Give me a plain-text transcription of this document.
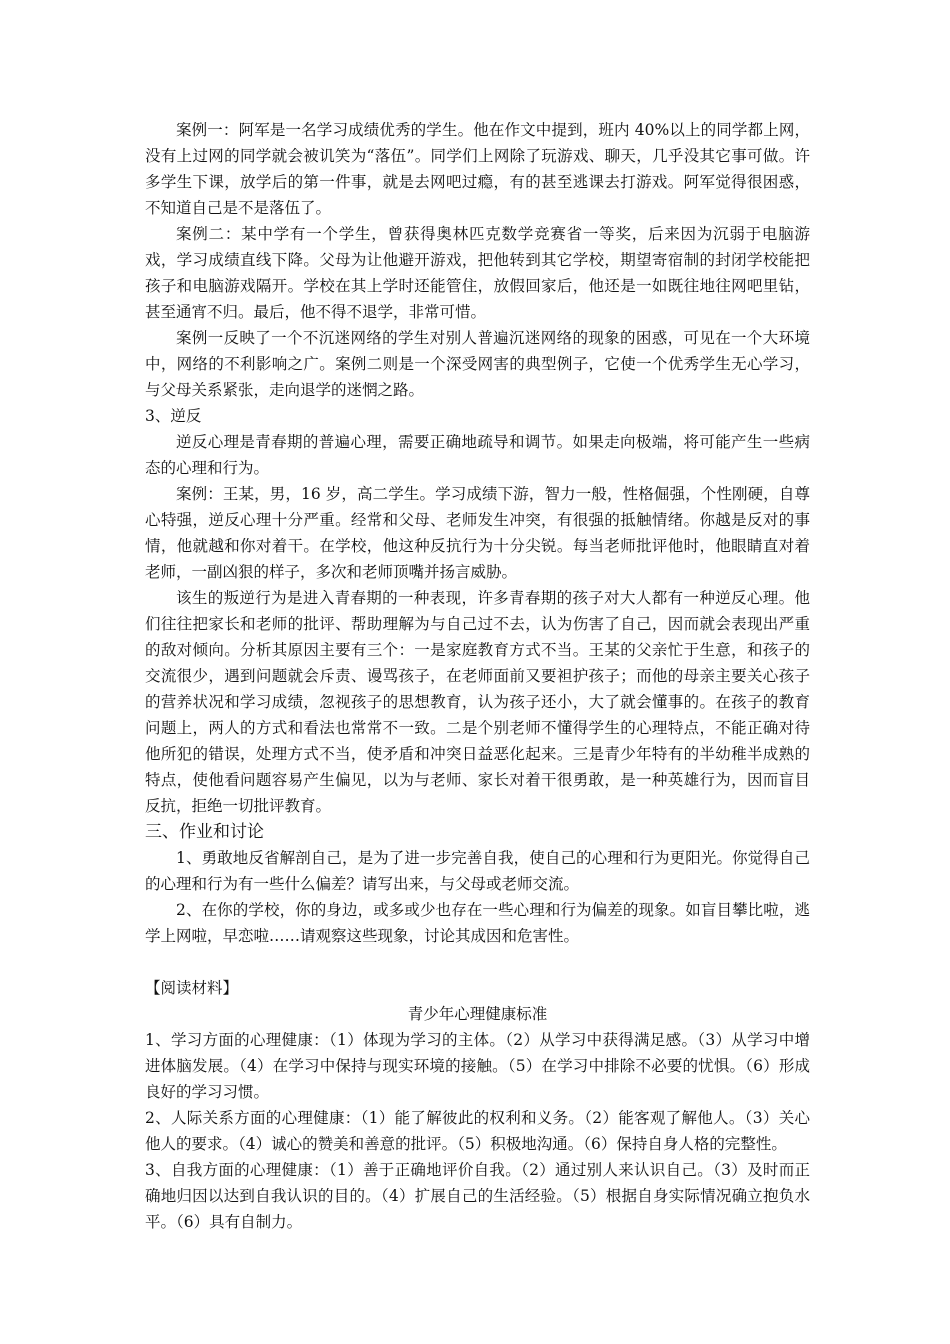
案例一：阿军是一名学习成绩优秀的学生。他在作文中提到，班内 40%以上的同学都上网，没有上过网的同学就会被讥笑为“落伍”。同学们上网除了玩游戏、聊天，几乎没其它事可做。许多学生下课，放学后的第一件事，就是去网吧过瘾，有的甚至逃课去打游戏。阿军觉得很困惑，不知道自己是不是落伍了。

案例二：某中学有一个学生，曾获得奥林匹克数学竞赛省一等奖，后来因为沉弱于电脑游戏，学习成绩直线下降。父母为让他避开游戏，把他转到其它学校，期望寄宿制的封闭学校能把孩子和电脑游戏隔开。学校在其上学时还能管住，放假回家后，他还是一如既往地往网吧里钻，甚至通宵不归。最后，他不得不退学，非常可惜。

案例一反映了一个不沉迷网络的学生对别人普遍沉迷网络的现象的困惑，可见在一个大环境中，网络的不利影响之广。案例二则是一个深受网害的典型例子，它使一个优秀学生无心学习，与父母关系紧张，走向退学的迷惘之路。

3、逆反

逆反心理是青春期的普遍心理，需要正确地疏导和调节。如果走向极端，将可能产生一些病态的心理和行为。

案例：王某，男，16 岁，高二学生。学习成绩下游，智力一般，性格倔强，个性刚硬，自尊心特强，逆反心理十分严重。经常和父母、老师发生冲突，有很强的抵触情绪。你越是反对的事情，他就越和你对着干。在学校，他这种反抗行为十分尖锐。每当老师批评他时，他眼睛直对着老师，一副凶狠的样子，多次和老师顶嘴并扬言威胁。

该生的叛逆行为是进入青春期的一种表现，许多青春期的孩子对大人都有一种逆反心理。他们往往把家长和老师的批评、帮助理解为与自己过不去，认为伤害了自己，因而就会表现出严重的敌对倾向。分析其原因主要有三个：一是家庭教育方式不当。王某的父亲忙于生意，和孩子的交流很少，遇到问题就会斥责、谩骂孩子，在老师面前又要袒护孩子；而他的母亲主要关心孩子的营养状况和学习成绩，忽视孩子的思想教育，认为孩子还小，大了就会懂事的。在孩子的教育问题上，两人的方式和看法也常常不一致。二是个别老师不懂得学生的心理特点，不能正确对待他所犯的错误，处理方式不当，使矛盾和冲突日益恶化起来。三是青少年特有的半幼稚半成熟的特点，使他看问题容易产生偏见，以为与老师、家长对着干很勇敢，是一种英雄行为，因而盲目反抗，拒绝一切批评教育。

三、作业和讨论

1、勇敢地反省解剖自己，是为了进一步完善自我，使自己的心理和行为更阳光。你觉得自己的心理和行为有一些什么偏差？请写出来，与父母或老师交流。

2、在你的学校，你的身边，或多或少也存在一些心理和行为偏差的现象。如盲目攀比啦，逃学上网啦，早恋啦……请观察这些现象，讨论其成因和危害性。

【阅读材料】

青少年心理健康标准

1、学习方面的心理健康：（1）体现为学习的主体。（2）从学习中获得满足感。（3）从学习中增进体脑发展。（4）在学习中保持与现实环境的接触。（5）在学习中排除不必要的忧惧。（6）形成良好的学习习惯。

2、人际关系方面的心理健康：（1）能了解彼此的权利和义务。（2）能客观了解他人。（3）关心他人的要求。（4）诚心的赞美和善意的批评。（5）积极地沟通。（6）保持自身人格的完整性。

3、自我方面的心理健康：（1）善于正确地评价自我。（2）通过别人来认识自己。（3）及时而正确地归因以达到自我认识的目的。（4）扩展自己的生活经验。（5）根据自身实际情况确立抱负水平。（6）具有自制力。
